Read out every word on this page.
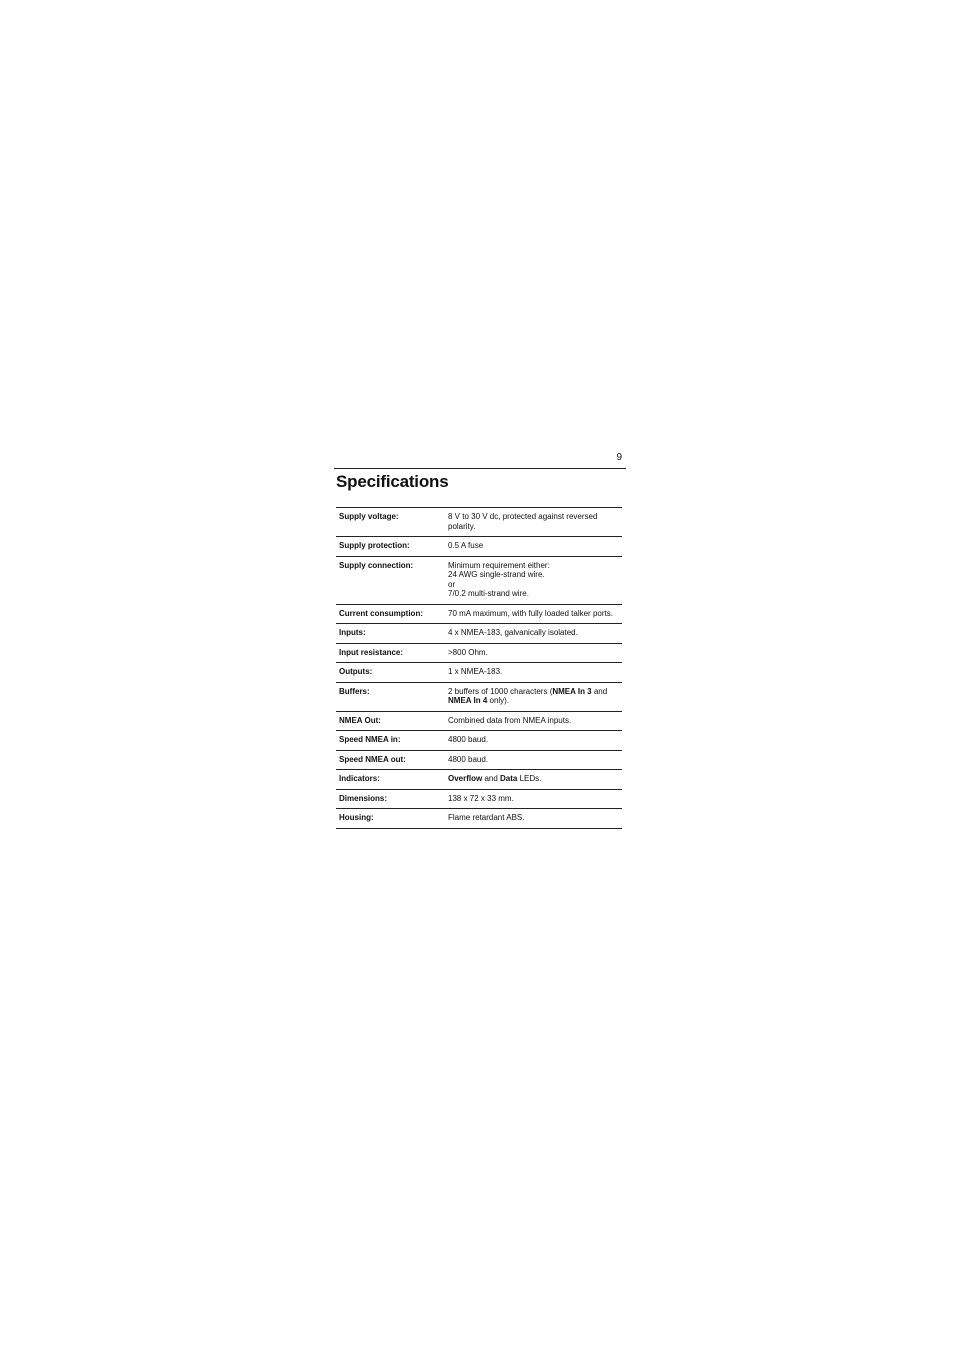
9
Specifications
Supply voltage:	8 V to 30 V dc, protected against reversed
polarity.

Supply protection:	0.5 A fuse

Supply connection:	Minimum requirement either:
24 AWG single-strand wire.
or
7/0.2 multi-strand wire.

Current consumption:	70 mA maximum, with fully loaded talker ports.

Inputs:	4 x NMEA-183, galvanically isolated.

Input resistance:	>800 Ohm.

Outputs:	1 x NMEA-183.

Buffers:	2 buffers of 1000 characters (NMEA In 3 and NMEA In 4 only).
NMEA Out:	Combined data from NMEA inputs.

Speed NMEA in:	4800 baud.

Speed NMEA out:	4800 baud.

Indicators:	Overflow and Data LEDs.
Dimensions:	138 x 72 x 33 mm.

Housing:	Flame retardant ABS.
